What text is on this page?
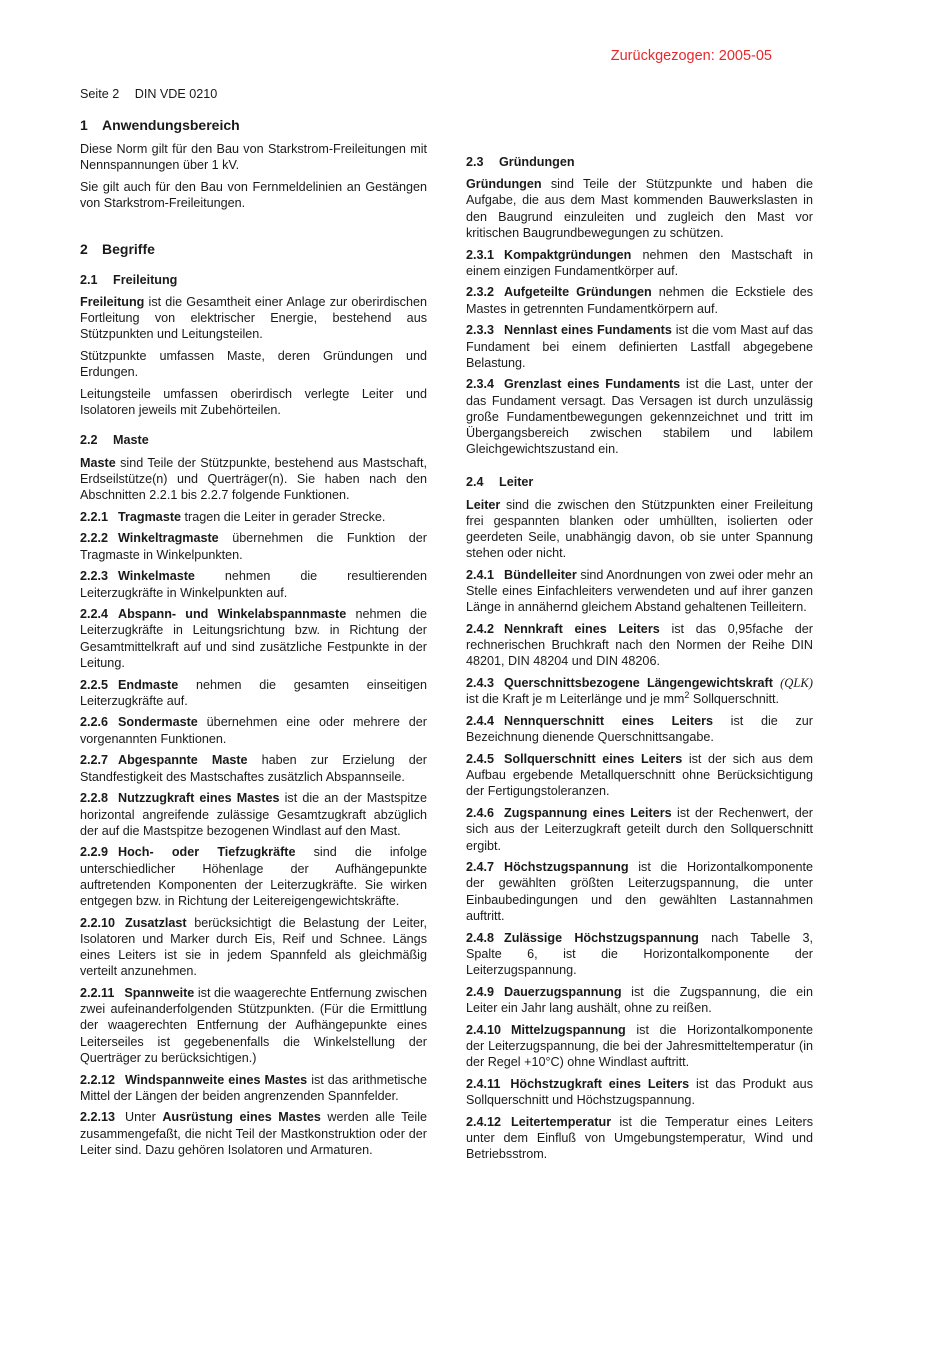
Zurückgezogen: 2005-05
Seite 2 DIN VDE 0210
1 Anwendungsbereich

Diese Norm gilt für den Bau von Starkstrom-Freileitungen mit Nennspannungen über 1 kV.

Sie gilt auch für den Bau von Fernmeldelinien an Gestängen von Starkstrom-Freileitungen.

2 Begriffe
2.1 Freileitung

Freileitung ist die Gesamtheit einer Anlage zur oberirdischen Fortleitung von elektrischer Energie, bestehend aus Stützpunkten und Leitungsteilen.

Stützpunkte umfassen Maste, deren Gründungen und Erdungen.

Leitungsteile umfassen oberirdisch verlegte Leiter und Isolatoren jeweils mit Zubehörteilen.

2.2 Maste

Maste sind Teile der Stützpunkte, bestehend aus Mastschaft, Erdseilstütze(n) und Querträger(n). Sie haben nach den Abschnitten 2.2.1 bis 2.2.7 folgende Funktionen.

2.2.1 Tragmaste tragen die Leiter in gerader Strecke.

2.2.2 Winkeltragmaste übernehmen die Funktion der Tragmaste in Winkelpunkten.

2.2.3 Winkelmaste nehmen die resultierenden Leiterzugkräfte in Winkelpunkten auf.

2.2.4 Abspann- und Winkelabspannmaste nehmen die Leiterzugkräfte in Leitungsrichtung bzw. in Richtung der Gesamtmittelkraft auf und sind zusätzliche Festpunkte in der Leitung.

2.2.5 Endmaste nehmen die gesamten einseitigen Leiterzugkräfte auf.

2.2.6 Sondermaste übernehmen eine oder mehrere der vorgenannten Funktionen.

2.2.7 Abgespannte Maste haben zur Erzielung der Standfestigkeit des Mastschaftes zusätzlich Abspannseile.

2.2.8 Nutzzugkraft eines Mastes ist die an der Mastspitze horizontal angreifende zulässige Gesamtzugkraft abzüglich der auf die Mastspitze bezogenen Windlast auf den Mast.

2.2.9 Hoch- oder Tiefzugkräfte sind die infolge unterschiedlicher Höhenlage der Aufhängepunkte auftretenden Komponenten der Leiterzugkräfte. Sie wirken entgegen bzw. in Richtung der Leitereigengewichtskräfte.

2.2.10 Zusatzlast berücksichtigt die Belastung der Leiter, Isolatoren und Marker durch Eis, Reif und Schnee. Längs eines Leiters ist sie in jedem Spannfeld als gleichmäßig verteilt anzunehmen.

2.2.11 Spannweite ist die waagerechte Entfernung zwischen zwei aufeinanderfolgenden Stützpunkten. (Für die Ermittlung der waagerechten Entfernung der Aufhängepunkte eines Leiterseiles ist gegebenenfalls die Winkelstellung der Querträger zu berücksichtigen.)

2.2.12 Windspannweite eines Mastes ist das arithmetische Mittel der Längen der beiden angrenzenden Spannfelder.

2.2.13 Unter Ausrüstung eines Mastes werden alle Teile zusammengefaßt, die nicht Teil der Mastkonstruktion oder der Leiter sind. Dazu gehören Isolatoren und Armaturen.

2.3 Gründungen

Gründungen sind Teile der Stützpunkte und haben die Aufgabe, die aus dem Mast kommenden Bauwerkslasten in den Baugrund einzuleiten und zugleich den Mast vor kritischen Baugrundbewegungen zu schützen.

2.3.1 Kompaktgründungen nehmen den Mastschaft in einem einzigen Fundamentkörper auf.

2.3.2 Aufgeteilte Gründungen nehmen die Eckstiele des Mastes in getrennten Fundamentkörpern auf.

2.3.3 Nennlast eines Fundaments ist die vom Mast auf das Fundament bei einem definierten Lastfall abgegebene Belastung.

2.3.4 Grenzlast eines Fundaments ist die Last, unter der das Fundament versagt. Das Versagen ist durch unzulässig große Fundamentbewegungen gekennzeichnet und tritt im Übergangsbereich zwischen stabilem und labilem Gleichgewichtszustand ein.

2.4 Leiter

Leiter sind die zwischen den Stützpunkten einer Freileitung frei gespannten blanken oder umhüllten, isolierten oder geerdeten Seile, unabhängig davon, ob sie unter Spannung stehen oder nicht.

2.4.1 Bündelleiter sind Anordnungen von zwei oder mehr an Stelle eines Einfachleiters verwendeten und auf ihrer ganzen Länge in annähernd gleichem Abstand gehaltenen Teilleitern.

2.4.2 Nennkraft eines Leiters ist das 0,95fache der rechnerischen Bruchkraft nach den Normen der Reihe DIN 48201, DIN 48204 und DIN 48206.

2.4.3 Querschnittsbezogene Längengewichtskraft (QLK) ist die Kraft je m Leiterlänge und je $mm^2$ Sollquerschnitt.

2.4.4 Nennquerschnitt eines Leiters ist die zur Bezeichnung dienende Querschnittsangabe.

2.4.5 Sollquerschnitt eines Leiters ist der sich aus dem Aufbau ergebende Metallquerschnitt ohne Berücksichtigung der Fertigungstoleranzen.

2.4.6 Zugspannung eines Leiters ist der Rechenwert, der sich aus der Leiterzugkraft geteilt durch den Sollquerschnitt ergibt.

2.4.7 Höchstzugspannung ist die Horizontalkomponente der gewählten größten Leiterzugspannung, die unter Einbaubedingungen und den gewählten Lastannahmen auftritt.

2.4.8 Zulässige Höchstzugspannung nach Tabelle 3, Spalte 6, ist die Horizontalkomponente der Leiterzugspannung.

2.4.9 Dauerzugspannung ist die Zugspannung, die ein Leiter ein Jahr lang aushält, ohne zu reißen.

2.4.10 Mittelzugspannung ist die Horizontalkomponente der Leiterzugspannung, die bei der Jahresmitteltemperatur (in der Regel +10°C) ohne Windlast auftritt.

2.4.11 Höchstzugkraft eines Leiters ist das Produkt aus Sollquerschnitt und Höchstzugspannung.

2.4.12 Leitertemperatur ist die Temperatur eines Leiters unter dem Einfluß von Umgebungstemperatur, Wind und Betriebsstrom.
